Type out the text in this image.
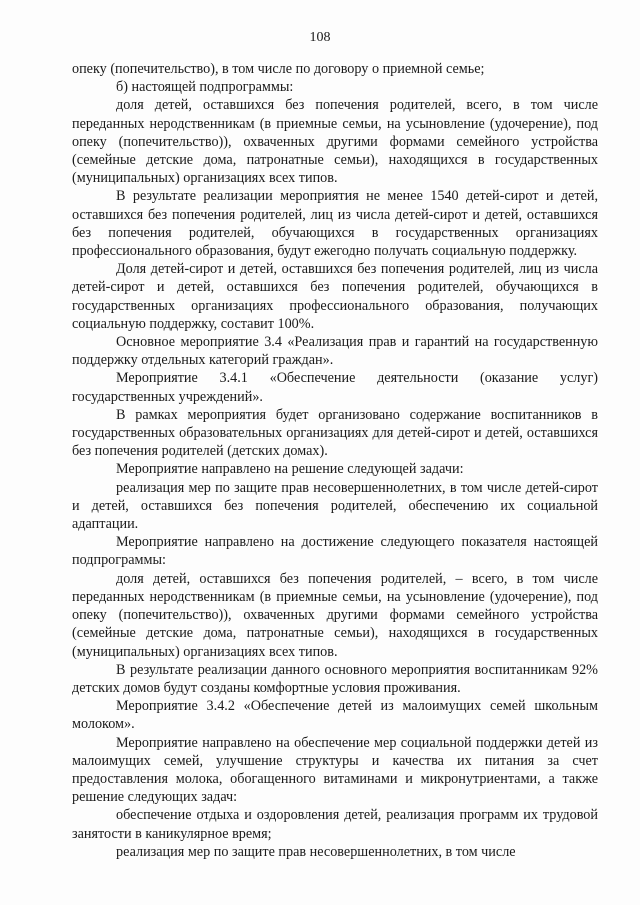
108

опеку (попечительство), в том числе по договору о приемной семье;

б) настоящей подпрограммы:

доля детей, оставшихся без попечения родителей, всего, в том числе переданных неродственникам (в приемные семьи, на усыновление (удочерение), под опеку (попечительство)), охваченных другими формами семейного устройства (семейные детские дома, патронатные семьи), находящихся в государственных (муниципальных) организациях всех типов.

В результате реализации мероприятия не менее 1540 детей-сирот и детей, оставшихся без попечения родителей, лиц из числа детей-сирот и детей, оставшихся без попечения родителей, обучающихся в государственных организациях профессионального образования, будут ежегодно получать социальную поддержку.

Доля детей-сирот и детей, оставшихся без попечения родителей, лиц из числа детей-сирот и детей, оставшихся без попечения родителей, обучающихся в государственных организациях профессионального образования, получающих социальную поддержку, составит 100%.

Основное мероприятие 3.4 «Реализация прав и гарантий на государственную поддержку отдельных категорий граждан».

Мероприятие 3.4.1 «Обеспечение деятельности (оказание услуг) государственных учреждений».

В рамках мероприятия будет организовано содержание воспитанников в государственных образовательных организациях для детей-сирот и детей, оставшихся без попечения родителей (детских домах).

Мероприятие направлено на решение следующей задачи:

реализация мер по защите прав несовершеннолетних, в том числе детей-сирот и детей, оставшихся без попечения родителей, обеспечению их социальной адаптации.

Мероприятие направлено на достижение следующего показателя настоящей подпрограммы:

доля детей, оставшихся без попечения родителей, – всего, в том числе переданных неродственникам (в приемные семьи, на усыновление (удочерение), под опеку (попечительство)), охваченных другими формами семейного устройства (семейные детские дома, патронатные семьи), находящихся в государственных (муниципальных) организациях всех типов.

В результате реализации данного основного мероприятия воспитанникам 92% детских домов будут созданы комфортные условия проживания.

Мероприятие 3.4.2 «Обеспечение детей из малоимущих семей школьным молоком».

Мероприятие направлено на обеспечение мер социальной поддержки детей из малоимущих семей, улучшение структуры и качества их питания за счет предоставления молока, обогащенного витаминами и микронутриентами, а также решение следующих задач:

обеспечение отдыха и оздоровления детей, реализация программ их трудовой занятости в каникулярное время;

реализация мер по защите прав несовершеннолетних, в том числе
